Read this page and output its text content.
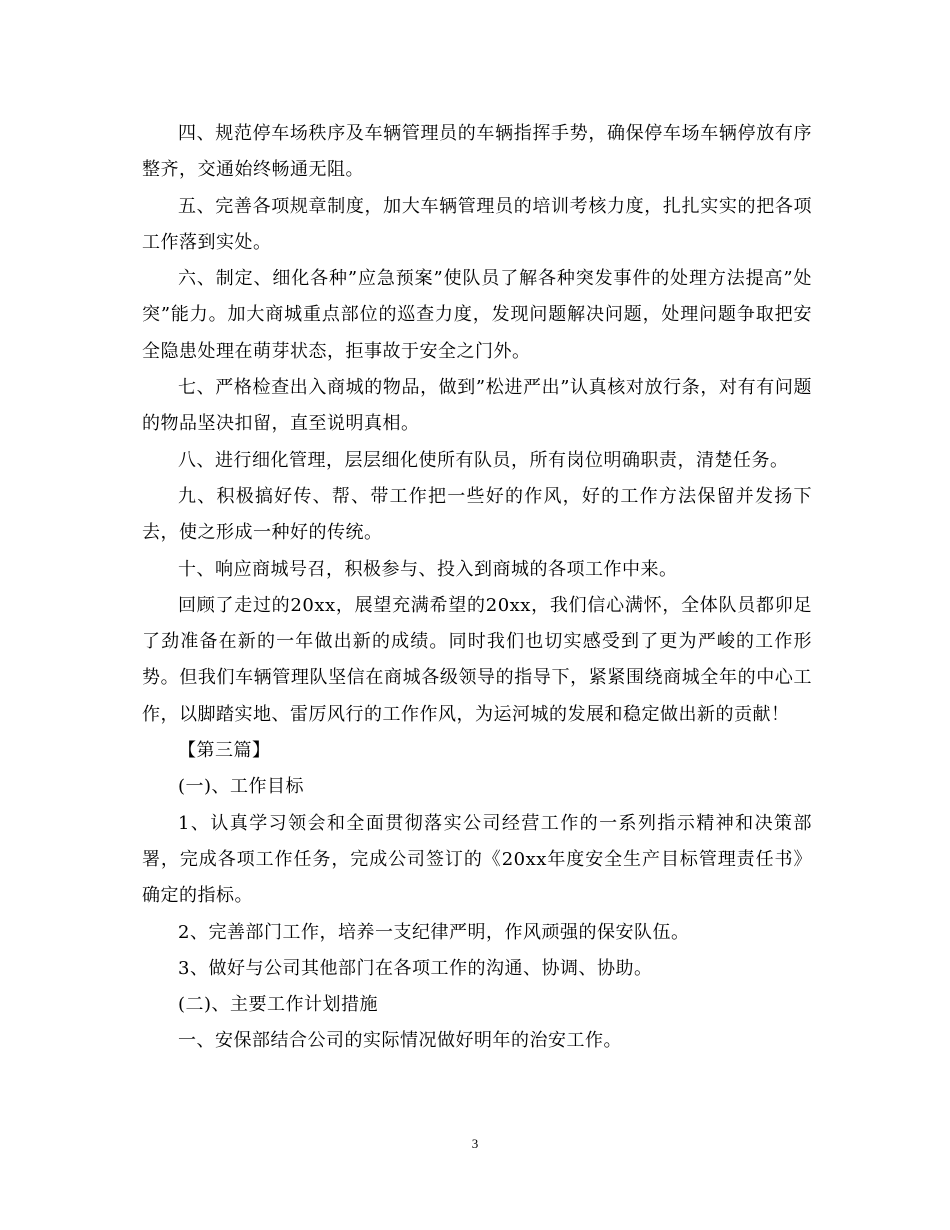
四、规范停车场秩序及车辆管理员的车辆指挥手势，确保停车场车辆停放有序整齐，交通始终畅通无阻。

五、完善各项规章制度，加大车辆管理员的培训考核力度，扎扎实实的把各项工作落到实处。

六、制定、细化各种”应急预案”使队员了解各种突发事件的处理方法提高”处突”能力。加大商城重点部位的巡查力度，发现问题解决问题，处理问题争取把安全隐患处理在萌芽状态，拒事故于安全之门外。

七、严格检查出入商城的物品，做到”松进严出”认真核对放行条，对有有问题的物品坚决扣留，直至说明真相。

八、进行细化管理，层层细化使所有队员，所有岗位明确职责，清楚任务。

九、积极搞好传、帮、带工作把一些好的作风，好的工作方法保留并发扬下去，使之形成一种好的传统。

十、响应商城号召，积极参与、投入到商城的各项工作中来。

回顾了走过的20xx，展望充满希望的20xx，我们信心满怀，全体队员都卯足了劲准备在新的一年做出新的成绩。同时我们也切实感受到了更为严峻的工作形势。但我们车辆管理队坚信在商城各级领导的指导下，紧紧围绕商城全年的中心工作，以脚踏实地、雷厉风行的工作作风，为运河城的发展和稳定做出新的贡献！

【第三篇】

(一)、工作目标

1、认真学习领会和全面贯彻落实公司经营工作的一系列指示精神和决策部署，完成各项工作任务，完成公司签订的《20xx年度安全生产目标管理责任书》确定的指标。

2、完善部门工作，培养一支纪律严明，作风顽强的保安队伍。

3、做好与公司其他部门在各项工作的沟通、协调、协助。

(二)、主要工作计划措施

一、安保部结合公司的实际情况做好明年的治安工作。

3
